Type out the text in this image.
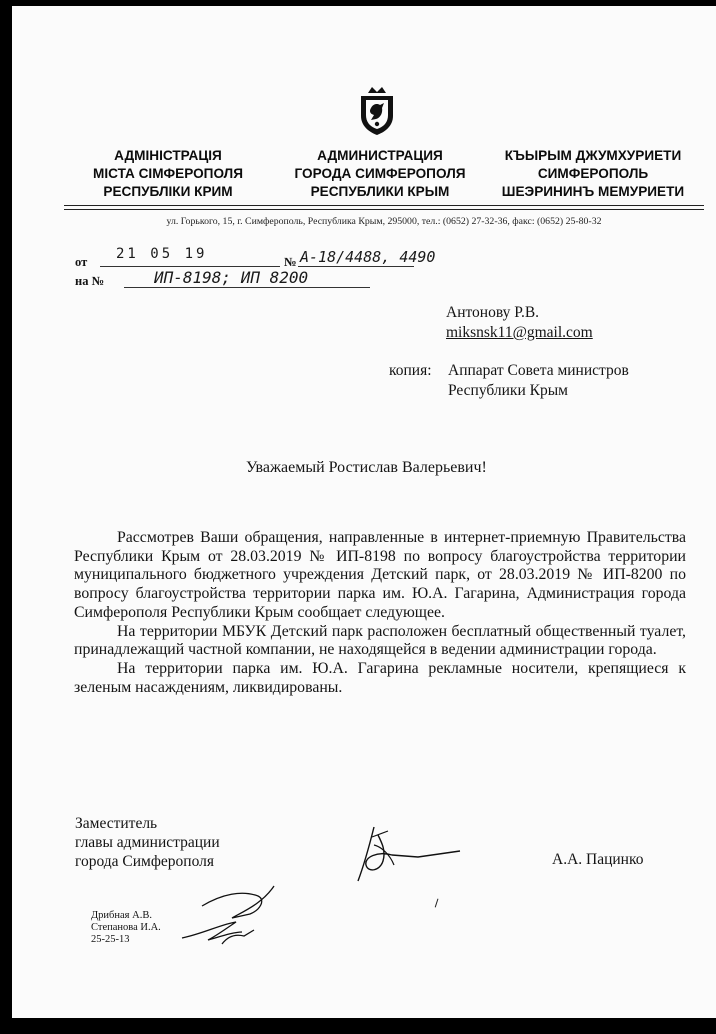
АДМІНІСТРАЦІЯ
МІСТА СІМФЕРОПОЛЯ
РЕСПУБЛІКИ КРИМ
АДМИНИСТРАЦИЯ
ГОРОДА СИМФЕРОПОЛЯ
РЕСПУБЛИКИ КРЫМ
КЪЫРЫМ ДЖУМХУРИЕТИ
СИМФЕРОПОЛЬ
ШЕЭРИНИНЪ МЕМУРИЕТИ
ул. Горького, 15, г. Симферополь, Республика Крым, 295000, тел.: (0652) 27-32-36, факс: (0652) 25-80-32
от 21 05 19	№ А-18/4488, 4490
на №	ИП-8198; ИП 8200
Антонову Р.В.
miksnsk11@gmail.com
копия: Аппарат Совета министров
Республики Крым
Уважаемый Ростислав Валерьевич!

Рассмотрев Ваши обращения, направленные в интернет-приемную Правительства Республики Крым от 28.03.2019 № ИП-8198 по вопросу благоустройства территории муниципального бюджетного учреждения Детский парк, от 28.03.2019 № ИП-8200 по вопросу благоустройства территории парка им. Ю.А. Гагарина, Администрация города Симферополя Республики Крым сообщает следующее.

На территории МБУК Детский парк расположен бесплатный общественный туалет, принадлежащий частной компании, не находящейся в ведении администрации города.

На территории парка им. Ю.А. Гагарина рекламные носители, крепящиеся к зеленым насаждениям, ликвидированы.

Заместитель
главы администрации
города Симферополя	А.А. Пацинко
Дрибная А.В.
Степанова И.А.
25-25-13
